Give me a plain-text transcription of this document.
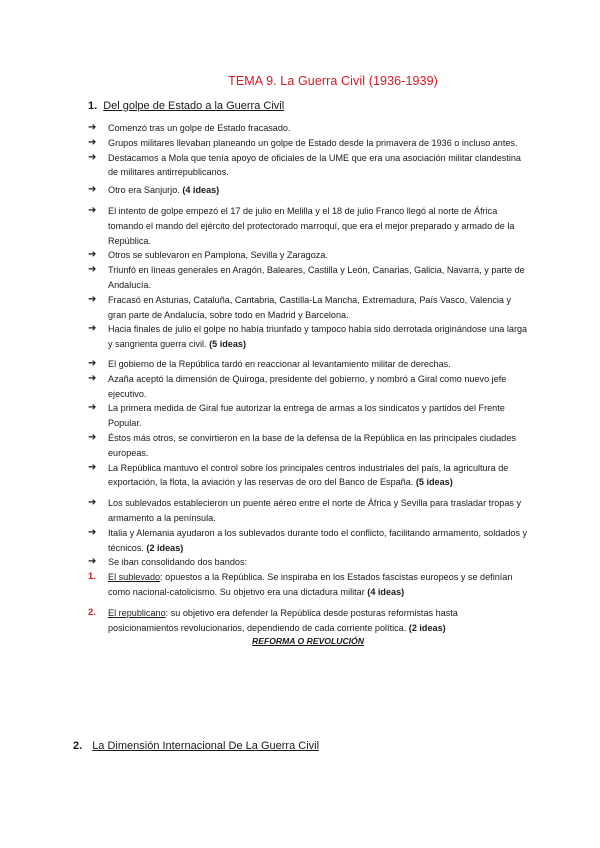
TEMA 9. La Guerra Civil (1936-1939)
1. Del golpe de Estado a la Guerra Civil
➔ Comenzó tras un golpe de Estado fracasado.
➔ Grupos militares llevaban planeando un golpe de Estado desde la primavera de 1936 o incluso antes.
➔ Destacamos a Mola que tenía apoyo de oficiales de la UME que era una asociación militar clandestina de militares antirrepublicanos.
➔ Otro era Sanjurjo. (4 ideas)
➔ El intento de golpe empezó el 17 de julio en Melilla y el 18 de julio Franco llegó al norte de África tomando el mando del ejército del protectorado marroquí, que era el mejor preparado y armado de la República.
➔ Otros se sublevaron en Pamplona, Sevilla y Zaragoza.
➔ Triunfó en líneas generales en Aragón, Baleares, Castilla y León, Canarias, Galicia, Navarra, y parte de Andalucía.
➔ Fracasó en Asturias, Cataluña, Cantabria, Castilla-La Mancha, Extremadura, País Vasco, Valencia y gran parte de Andalucía, sobre todo en Madrid y Barcelona.
➔ Hacia finales de julio el golpe no había triunfado y tampoco había sido derrotada originándose una larga y sangrienta guerra civil. (5 ideas)
➔ El gobierno de la República tardó en reaccionar al levantamiento militar de derechas.
➔ Azaña aceptó la dimensión de Quiroga, presidente del gobierno, y nombró a Giral como nuevo jefe ejecutivo.
➔ La primera medida de Giral fue autorizar la entrega de armas a los sindicatos y partidos del Frente Popular.
➔ Éstos más otros, se convirtieron en la base de la defensa de la República en las principales ciudades europeas.
➔ La República mantuvo el control sobre los principales centros industriales del país, la agricultura de exportación, la flota, la aviación y las reservas de oro del Banco de España. (5 ideas)
➔ Los sublevados establecieron un puente aéreo entre el norte de África y Sevilla para trasladar tropas y armamento a la península.
➔ Italia y Alemania ayudaron a los sublevados durante todo el conflicto, facilitando armamento, soldados y técnicos. (2 ideas)
➔ Se iban consolidando dos bandos:
1. El sublevado: opuestos a la República. Se inspiraba en los Estados fascistas europeos y se definían como nacional-catolicismo. Su objetivo era una dictadura militar (4 ideas)
2. El republicano: su objetivo era defender la República desde posturas reformistas hasta posicionamientos revolucionarios, dependiendo de cada corriente política. (2 ideas)
REFORMA O REVOLUCIÓN
2. La Dimensión Internacional De La Guerra Civil
